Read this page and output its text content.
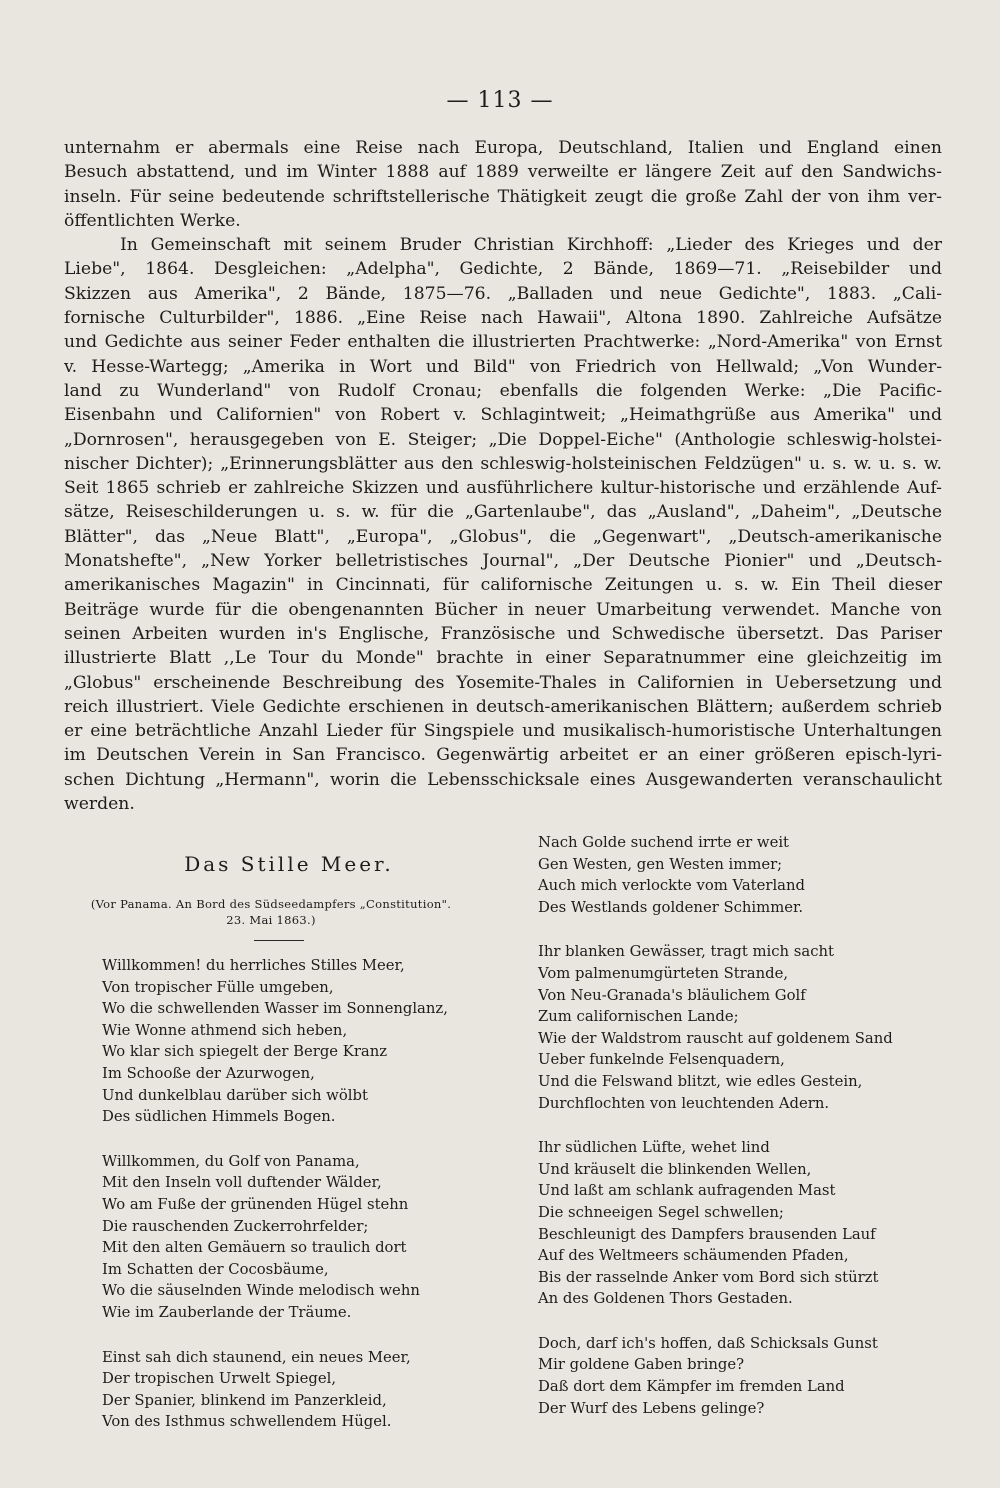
— 113 —
unternahm er abermals eine Reise nach Europa, Deutschland, Italien und England einen
Besuch abstattend, und im Winter 1888 auf 1889 verweilte er längere Zeit auf den Sandwichs-
inseln. Für seine bedeutende schriftstellerische Thätigkeit zeugt die große Zahl der von ihm ver-
öffentlichten Werke.
In Gemeinschaft mit seinem Bruder Christian Kirchhoff: „Lieder des Krieges und der
Liebe", 1864. Desgleichen: „Adelpha", Gedichte, 2 Bände, 1869—71. „Reisebilder und
Skizzen aus Amerika", 2 Bände, 1875—76. „Balladen und neue Gedichte", 1883. „Cali-
fornische Culturbilder", 1886. „Eine Reise nach Hawaii", Altona 1890. Zahlreiche Aufsätze
und Gedichte aus seiner Feder enthalten die illustrierten Prachtwerke: „Nord-Amerika" von Ernst
v. Hesse-Wartegg; „Amerika in Wort und Bild" von Friedrich von Hellwald; „Von Wunder-
land zu Wunderland" von Rudolf Cronau; ebenfalls die folgenden Werke: „Die Pacific-
Eisenbahn und Californien" von Robert v. Schlagintweit; „Heimathgrüße aus Amerika" und
„Dornrosen", herausgegeben von E. Steiger; „Die Doppel-Eiche" (Anthologie schleswig-holstei-
nischer Dichter); „Erinnerungsblätter aus den schleswig-holsteinischen Feldzügen" u. s. w. u. s. w.
Seit 1865 schrieb er zahlreiche Skizzen und ausführlichere kultur-historische und erzählende Auf-
sätze, Reiseschilderungen u. s. w. für die „Gartenlaube", das „Ausland", „Daheim", „Deutsche
Blätter", das „Neue Blatt", „Europa", „Globus", die „Gegenwart", „Deutsch-amerikanische
Monatshefte", „New Yorker belletristisches Journal", „Der Deutsche Pionier" und „Deutsch-
amerikanisches Magazin" in Cincinnati, für californische Zeitungen u. s. w. Ein Theil dieser
Beiträge wurde für die obengenannten Bücher in neuer Umarbeitung verwendet. Manche von
seinen Arbeiten wurden in's Englische, Französische und Schwedische übersetzt. Das Pariser
illustrierte Blatt ,,Le Tour du Monde" brachte in einer Separatnummer eine gleichzeitig im
„Globus" erscheinende Beschreibung des Yosemite-Thales in Californien in Uebersetzung und
reich illustriert. Viele Gedichte erschienen in deutsch-amerikanischen Blättern; außerdem schrieb
er eine beträchtliche Anzahl Lieder für Singspiele und musikalisch-humoristische Unterhaltungen
im Deutschen Verein in San Francisco. Gegenwärtig arbeitet er an einer größeren episch-lyri-
schen Dichtung „Hermann", worin die Lebensschicksale eines Ausgewanderten veranschaulicht
werden.
Das Stille Meer.
(Vor Panama. An Bord des Südseedampfers „Constitution".
23. Mai 1863.)
Willkommen! du herrliches Stilles Meer,
Von tropischer Fülle umgeben,
Wo die schwellenden Wasser im Sonnenglanz,
Wie Wonne athmend sich heben,
Wo klar sich spiegelt der Berge Kranz
Im Schooße der Azurwogen,
Und dunkelblau darüber sich wölbt
Des südlichen Himmels Bogen.
Willkommen, du Golf von Panama,
Mit den Inseln voll duftender Wälder,
Wo am Fuße der grünenden Hügel stehn
Die rauschenden Zuckerrohrfelder;
Mit den alten Gemäuern so traulich dort
Im Schatten der Cocosbäume,
Wo die säuselnden Winde melodisch wehn
Wie im Zauberlande der Träume.
Einst sah dich staunend, ein neues Meer,
Der tropischen Urwelt Spiegel,
Der Spanier, blinkend im Panzerkleid,
Von des Isthmus schwellendem Hügel.
Nach Golde suchend irrte er weit
Gen Westen, gen Westen immer;
Auch mich verlockte vom Vaterland
Des Westlands goldener Schimmer.
Ihr blanken Gewässer, tragt mich sacht
Vom palmenumgürteten Strande,
Von Neu-Granada's bläulichem Golf
Zum californischen Lande;
Wie der Waldstrom rauscht auf goldenem Sand
Ueber funkelnde Felsenquadern,
Und die Felswand blitzt, wie edles Gestein,
Durchflochten von leuchtenden Adern.
Ihr südlichen Lüfte, wehet lind
Und kräuselt die blinkenden Wellen,
Und laßt am schlank aufragenden Mast
Die schneeigen Segel schwellen;
Beschleunigt des Dampfers brausenden Lauf
Auf des Weltmeers schäumenden Pfaden,
Bis der rasselnde Anker vom Bord sich stürzt
An des Goldenen Thors Gestaden.
Doch, darf ich's hoffen, daß Schicksals Gunst
Mir goldene Gaben bringe?
Daß dort dem Kämpfer im fremden Land
Der Wurf des Lebens gelinge?
